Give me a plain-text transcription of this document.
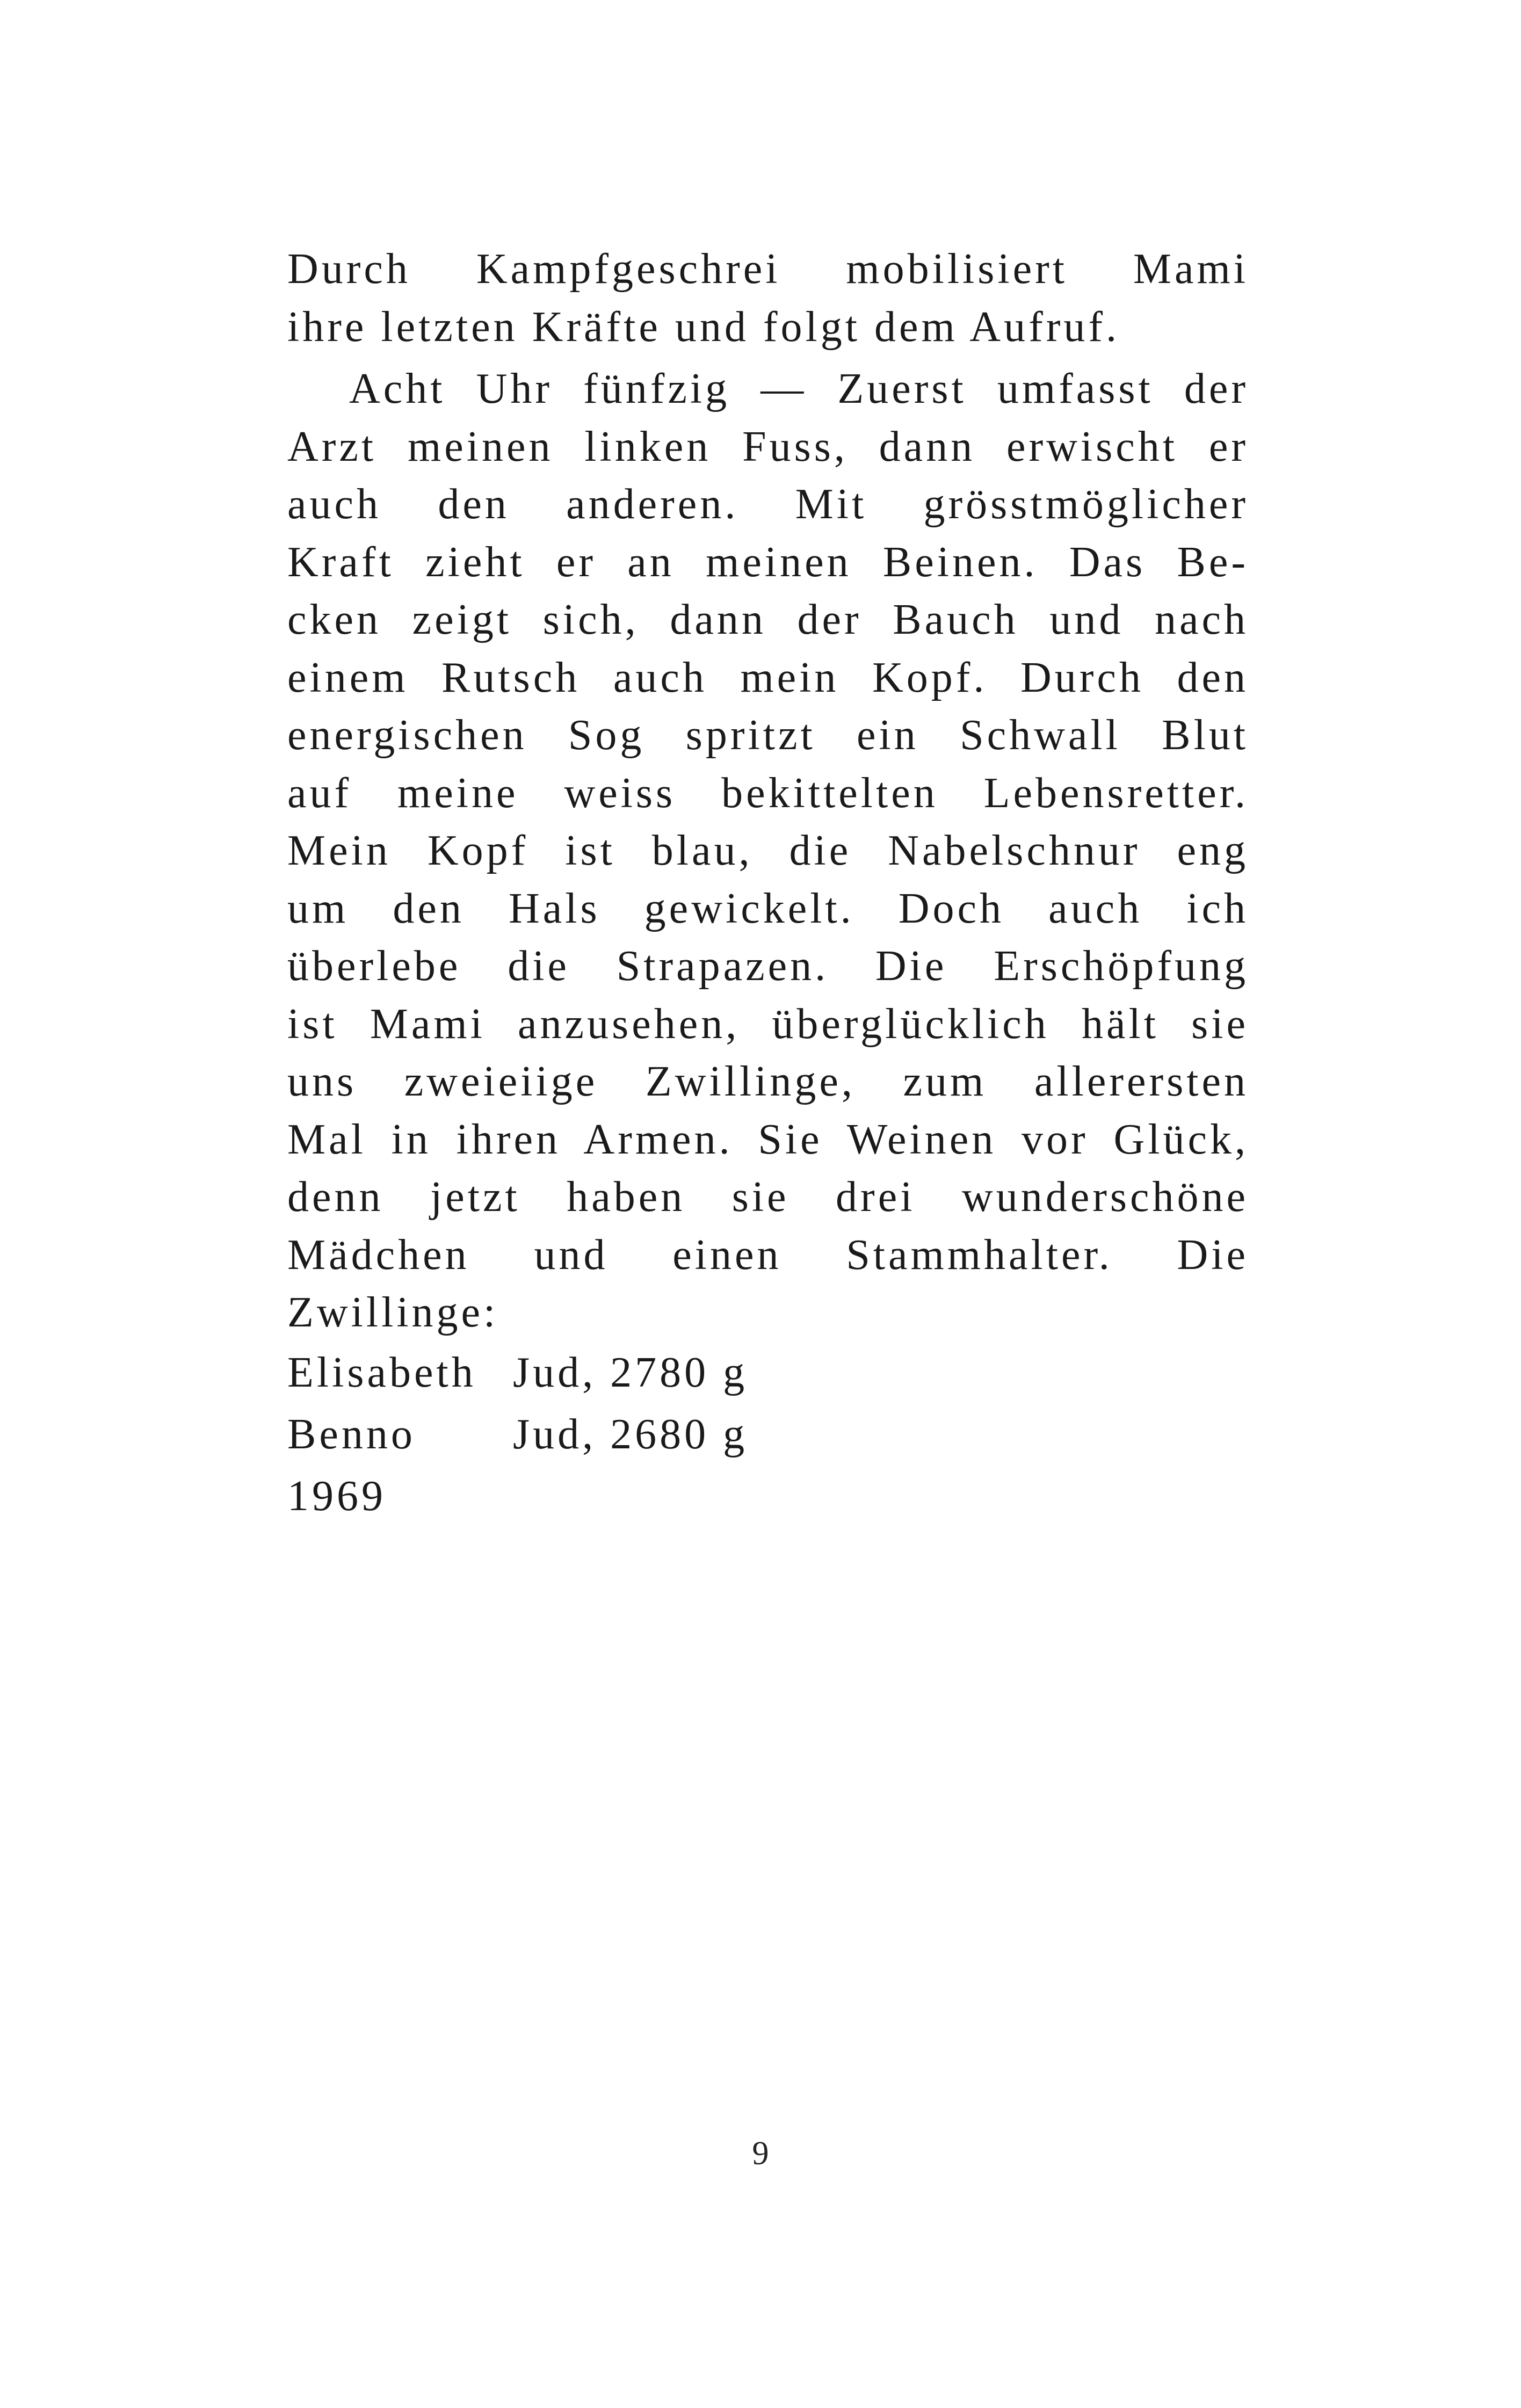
Durch Kampfgeschrei mobilisiert Mami
ihre letzten Kräfte und folgt dem Aufruf.
Acht Uhr fünfzig — Zuerst umfasst der
Arzt meinen linken Fuss, dann erwischt er
auch den anderen. Mit grösstmöglicher
Kraft zieht er an meinen Beinen. Das Be-
cken zeigt sich, dann der Bauch und nach
einem Rutsch auch mein Kopf. Durch den
energischen Sog spritzt ein Schwall Blut
auf meine weiss bekittelten Lebensretter.
Mein Kopf ist blau, die Nabelschnur eng
um den Hals gewickelt. Doch auch ich
überlebe die Strapazen. Die Erschöpfung
ist Mami anzusehen, überglücklich hält sie
uns zweieiige Zwillinge, zum allerersten
Mal in ihren Armen. Sie Weinen vor Glück,
denn jetzt haben sie drei wunderschöne
Mädchen und einen Stammhalter. Die
Zwillinge:
Elisabeth Jud, 2780 g
Benno	Jud, 2680 g
1969
9
